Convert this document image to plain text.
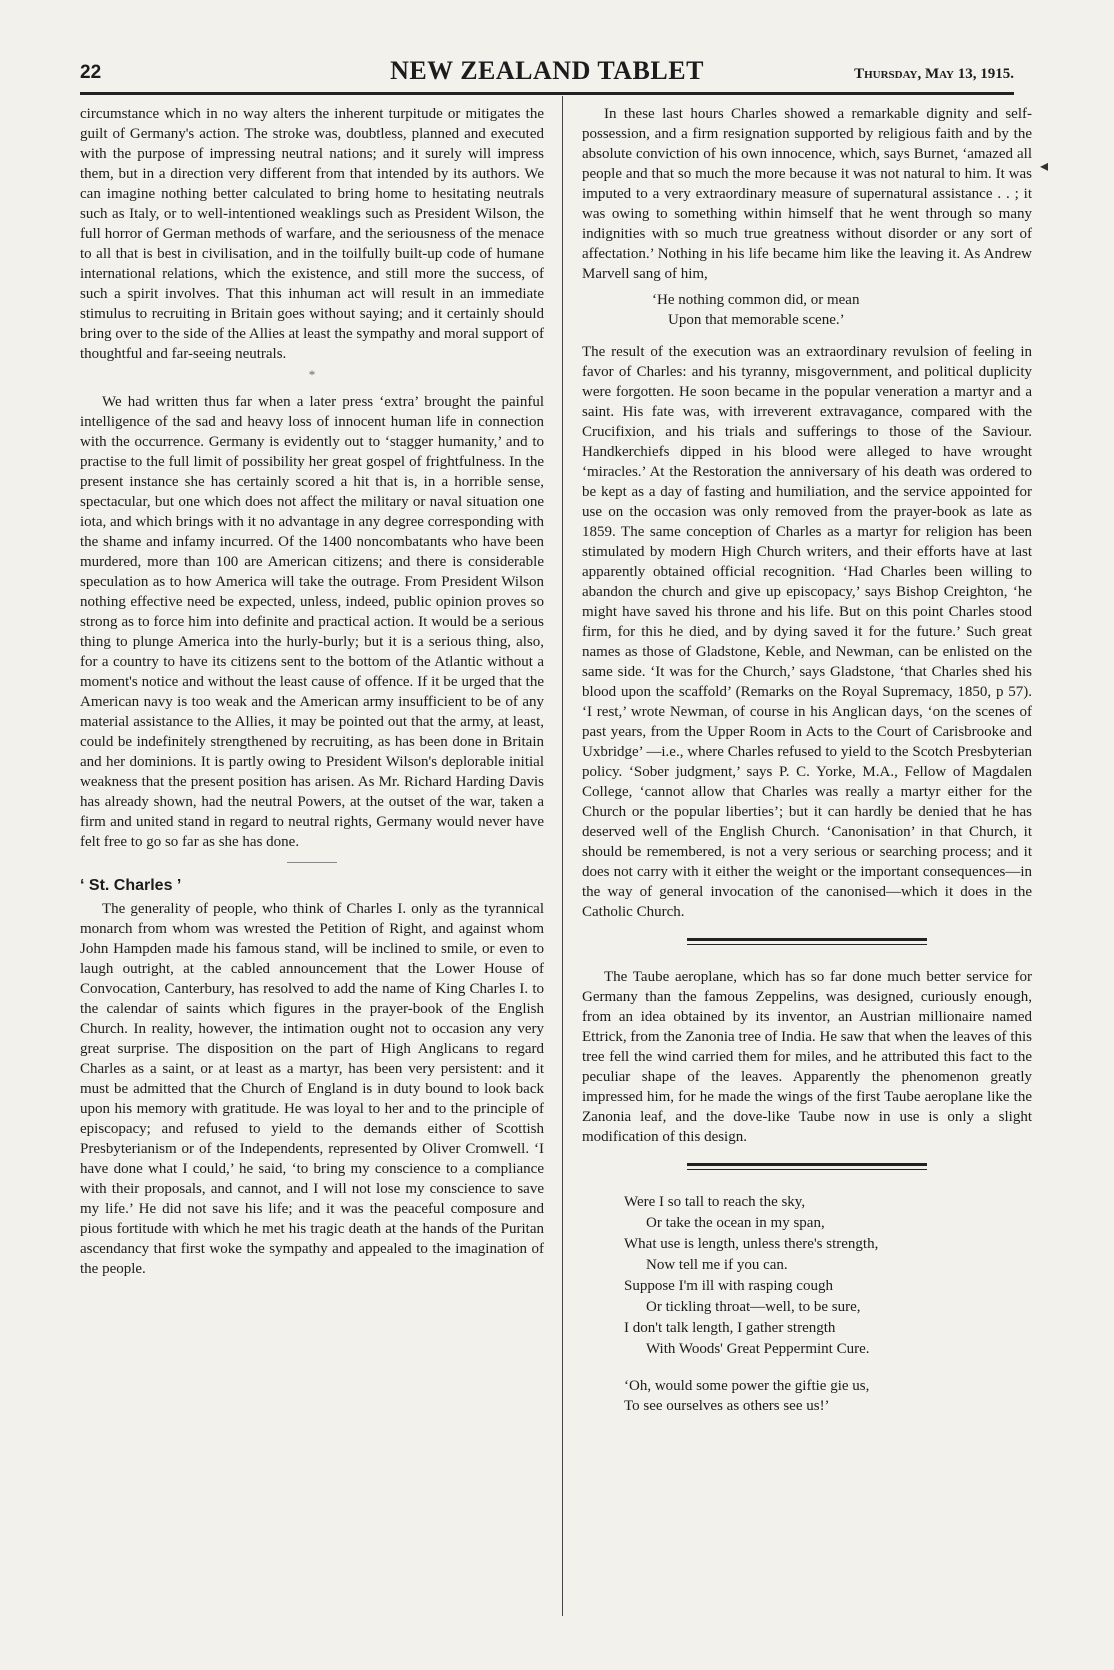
22	NEW ZEALAND TABLET	Thursday, May 13, 1915.

circumstance which in no way alters the inherent turpitude or mitigates the guilt of Germany's action. The stroke was, doubtless, planned and executed with the purpose of impressing neutral nations; and it surely will impress them, but in a direction very different from that intended by its authors. We can imagine nothing better calculated to bring home to hesitating neutrals such as Italy, or to well-intentioned weaklings such as President Wilson, the full horror of German methods of warfare, and the seriousness of the menace to all that is best in civilisation, and in the toilfully built-up code of humane international relations, which the existence, and still more the success, of such a spirit involves. That this inhuman act will result in an immediate stimulus to recruiting in Britain goes without saying; and it certainly should bring over to the side of the Allies at least the sympathy and moral support of thoughtful and far-seeing neutrals.

*

We had written thus far when a later press ‘extra’ brought the painful intelligence of the sad and heavy loss of innocent human life in connection with the occurrence. Germany is evidently out to ‘stagger humanity,’ and to practise to the full limit of possibility her great gospel of frightfulness. In the present instance she has certainly scored a hit that is, in a horrible sense, spectacular, but one which does not affect the military or naval situation one iota, and which brings with it no advantage in any degree corresponding with the shame and infamy incurred. Of the 1400 noncombatants who have been murdered, more than 100 are American citizens; and there is considerable speculation as to how America will take the outrage. From President Wilson nothing effective need be expected, unless, indeed, public opinion proves so strong as to force him into definite and practical action. It would be a serious thing to plunge America into the hurly-burly; but it is a serious thing, also, for a country to have its citizens sent to the bottom of the Atlantic without a moment's notice and without the least cause of offence. If it be urged that the American navy is too weak and the American army insufficient to be of any material assistance to the Allies, it may be pointed out that the army, at least, could be indefinitely strengthened by recruiting, as has been done in Britain and her dominions. It is partly owing to President Wilson's deplorable initial weakness that the present position has arisen. As Mr. Richard Harding Davis has already shown, had the neutral Powers, at the outset of the war, taken a firm and united stand in regard to neutral rights, Germany would never have felt free to go so far as she has done.

‘ St. Charles ’

The generality of people, who think of Charles I. only as the tyrannical monarch from whom was wrested the Petition of Right, and against whom John Hampden made his famous stand, will be inclined to smile, or even to laugh outright, at the cabled announcement that the Lower House of Convocation, Canterbury, has resolved to add the name of King Charles I. to the calendar of saints which figures in the prayer-book of the English Church. In reality, however, the intimation ought not to occasion any very great surprise. The disposition on the part of High Anglicans to regard Charles as a saint, or at least as a martyr, has been very persistent: and it must be admitted that the Church of England is in duty bound to look back upon his memory with gratitude. He was loyal to her and to the principle of episcopacy; and refused to yield to the demands either of Scottish Presbyterianism or of the Independents, represented by Oliver Cromwell. ‘I have done what I could,’ he said, ‘to bring my conscience to a compliance with their proposals, and cannot, and I will not lose my conscience to save my life.’ He did not save his life; and it was the peaceful composure and pious fortitude with which he met his tragic death at the hands of the Puritan ascendancy that first woke the sympathy and appealed to the imagination of the people.

In these last hours Charles showed a remarkable dignity and self-possession, and a firm resignation supported by religious faith and by the absolute conviction of his own innocence, which, says Burnet, ‘amazed all people and that so much the more because it was not natural to him. It was imputed to a very extraordinary measure of supernatural assistance . . ; it was owing to something within himself that he went through so many indignities with so much true greatness without disorder or any sort of affectation.’ Nothing in his life became him like the leaving it. As Andrew Marvell sang of him,

‘He nothing common did, or mean
Upon that memorable scene.’

The result of the execution was an extraordinary revulsion of feeling in favor of Charles: and his tyranny, misgovernment, and political duplicity were forgotten. He soon became in the popular veneration a martyr and a saint. His fate was, with irreverent extravagance, compared with the Crucifixion, and his trials and sufferings to those of the Saviour. Handkerchiefs dipped in his blood were alleged to have wrought ‘miracles.’ At the Restoration the anniversary of his death was ordered to be kept as a day of fasting and humiliation, and the service appointed for use on the occasion was only removed from the prayer-book as late as 1859. The same conception of Charles as a martyr for religion has been stimulated by modern High Church writers, and their efforts have at last apparently obtained official recognition. ‘Had Charles been willing to abandon the church and give up episcopacy,’ says Bishop Creighton, ‘he might have saved his throne and his life. But on this point Charles stood firm, for this he died, and by dying saved it for the future.’ Such great names as those of Gladstone, Keble, and Newman, can be enlisted on the same side. ‘It was for the Church,’ says Gladstone, ‘that Charles shed his blood upon the scaffold’ (Remarks on the Royal Supremacy, 1850, p 57). ‘I rest,’ wrote Newman, of course in his Anglican days, ‘on the scenes of past years, from the Upper Room in Acts to the Court of Carisbrooke and Uxbridge’ —i.e., where Charles refused to yield to the Scotch Presbyterian policy. ‘Sober judgment,’ says P. C. Yorke, M.A., Fellow of Magdalen College, ‘cannot allow that Charles was really a martyr either for the Church or the popular liberties’; but it can hardly be denied that he has deserved well of the English Church. ‘Canonisation’ in that Church, it should be remembered, is not a very serious or searching process; and it does not carry with it either the weight or the important consequences—in the way of general invocation of the canonised—which it does in the Catholic Church.

The Taube aeroplane, which has so far done much better service for Germany than the famous Zeppelins, was designed, curiously enough, from an idea obtained by its inventor, an Austrian millionaire named Ettrick, from the Zanonia tree of India. He saw that when the leaves of this tree fell the wind carried them for miles, and he attributed this fact to the peculiar shape of the leaves. Apparently the phenomenon greatly impressed him, for he made the wings of the first Taube aeroplane like the Zanonia leaf, and the dove-like Taube now in use is only a slight modification of this design.

Were I so tall to reach the sky,
Or take the ocean in my span,
What use is length, unless there's strength,
Now tell me if you can.
Suppose I'm ill with rasping cough
Or tickling throat—well, to be sure,
I don't talk length, I gather strength
With Woods' Great Peppermint Cure.
‘Oh, would some power the giftie gie us,
To see ourselves as others see us!’
◂
